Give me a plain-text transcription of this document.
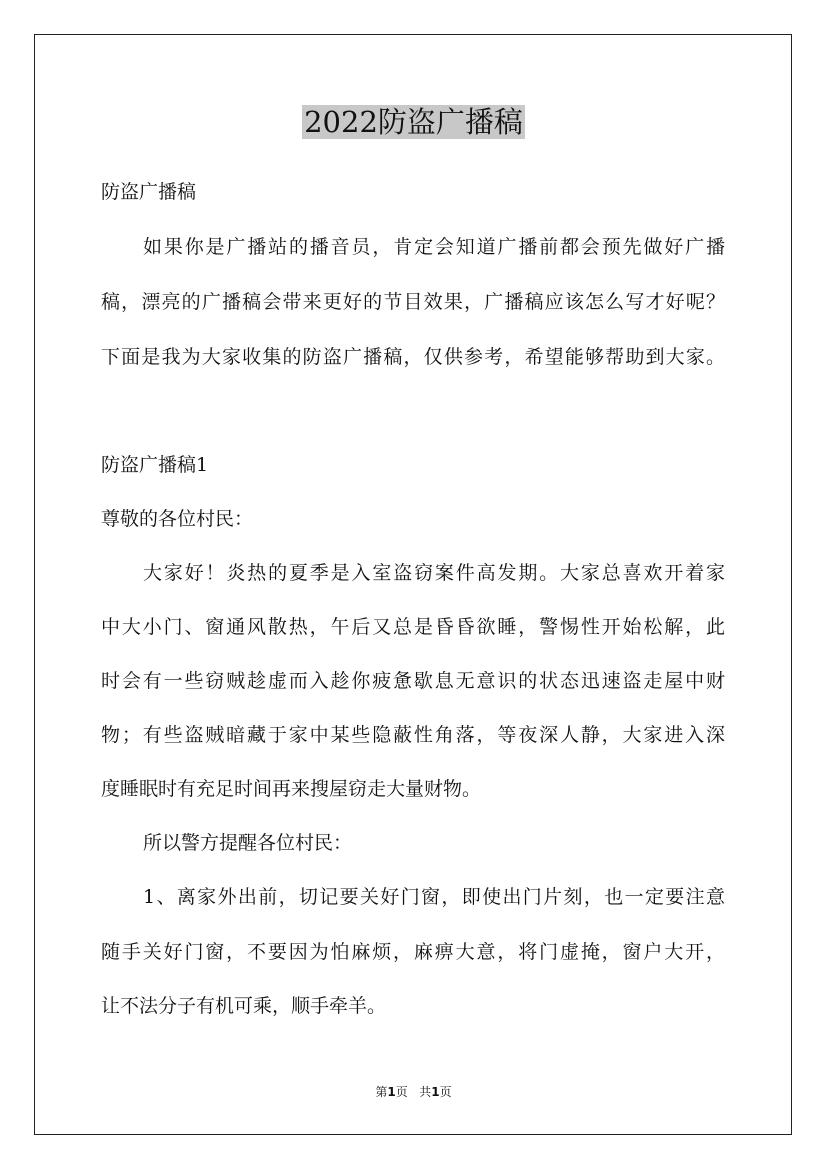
2022防盗广播稿
防盗广播稿
如果你是广播站的播音员，肯定会知道广播前都会预先做好广播
稿，漂亮的广播稿会带来更好的节目效果，广播稿应该怎么写才好呢？
下面是我为大家收集的防盗广播稿，仅供参考，希望能够帮助到大家。
防盗广播稿1
尊敬的各位村民：
大家好！炎热的夏季是入室盗窃案件高发期。大家总喜欢开着家
中大小门、窗通风散热，午后又总是昏昏欲睡，警惕性开始松解，此
时会有一些窃贼趁虚而入趁你疲惫歇息无意识的状态迅速盗走屋中财
物；有些盗贼暗藏于家中某些隐蔽性角落，等夜深人静，大家进入深
度睡眠时有充足时间再来搜屋窃走大量财物。
所以警方提醒各位村民：
1、离家外出前，切记要关好门窗，即使出门片刻，也一定要注意
随手关好门窗，不要因为怕麻烦，麻痹大意，将门虚掩，窗户大开，
让不法分子有机可乘，顺手牵羊。
第1页 共1页
